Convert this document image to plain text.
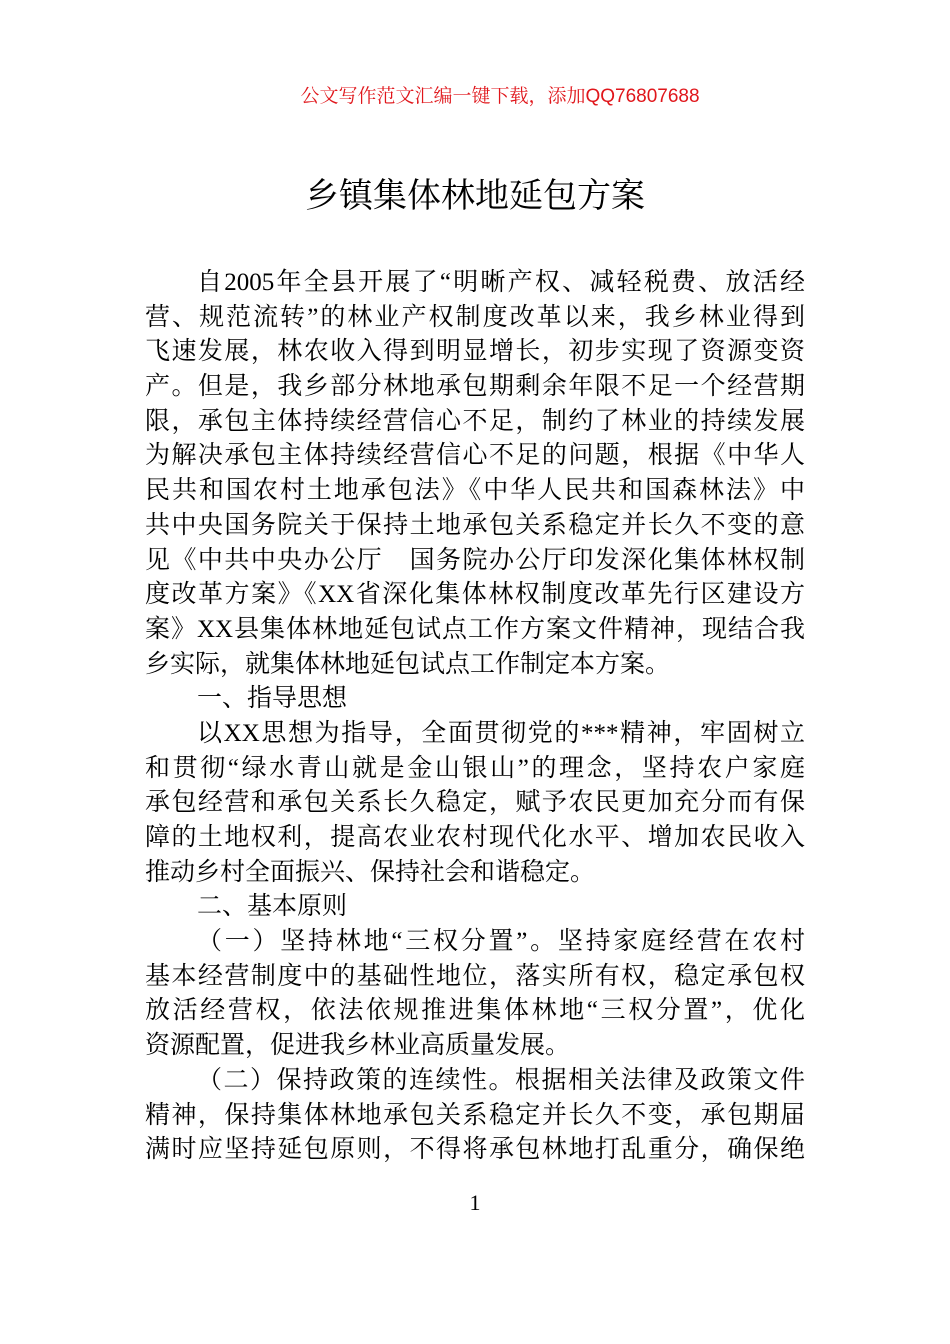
公文写作范文汇编一键下载，添加QQ76807688
乡镇集体林地延包方案
自2005年全县开展了“明晰产权、减轻税费、放活经
营、规范流转”的林业产权制度改革以来，我乡林业得到
飞速发展，林农收入得到明显增长，初步实现了资源变资
产。但是，我乡部分林地承包期剩余年限不足一个经营期
限，承包主体持续经营信心不足，制约了林业的持续发展
为解决承包主体持续经营信心不足的问题，根据《中华人
民共和国农村土地承包法》《中华人民共和国森林法》中
共中央国务院关于保持土地承包关系稳定并长久不变的意
见《中共中央办公厅　国务院办公厅印发深化集体林权制
度改革方案》《XX省深化集体林权制度改革先行区建设方
案》XX县集体林地延包试点工作方案文件精神，现结合我
乡实际，就集体林地延包试点工作制定本方案。
一、指导思想
以XX思想为指导，全面贯彻党的***精神，牢固树立
和贯彻“绿水青山就是金山银山”的理念，坚持农户家庭
承包经营和承包关系长久稳定，赋予农民更加充分而有保
障的土地权利，提高农业农村现代化水平、增加农民收入
推动乡村全面振兴、保持社会和谐稳定。
二、基本原则
（一）坚持林地“三权分置”。坚持家庭经营在农村
基本经营制度中的基础性地位，落实所有权，稳定承包权
放活经营权，依法依规推进集体林地“三权分置”，优化
资源配置，促进我乡林业高质量发展。
（二）保持政策的连续性。根据相关法律及政策文件
精神，保持集体林地承包关系稳定并长久不变，承包期届
满时应坚持延包原则，不得将承包林地打乱重分，确保绝
1
